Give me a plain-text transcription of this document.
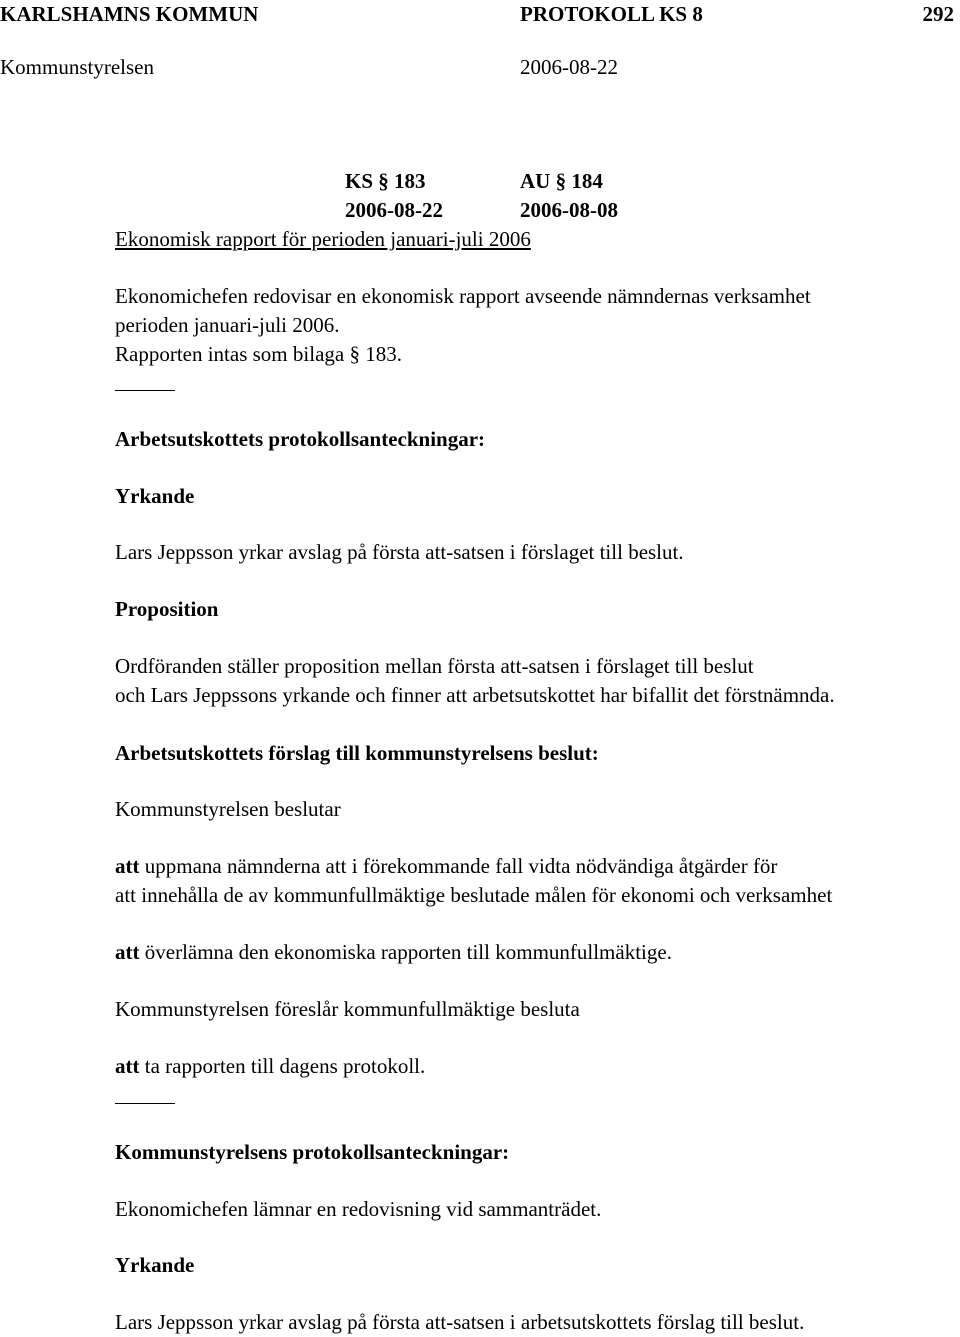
KARLSHAMNS KOMMUN	PROTOKOLL KS 8	292
Kommunstyrelsen	2006-08-22
KS § 183	AU § 184
2006-08-22	2006-08-08
Ekonomisk rapport för perioden januari-juli 2006
Ekonomichefen redovisar en ekonomisk rapport avseende nämndernas verksamhet
perioden januari-juli 2006.
Rapporten intas som bilaga § 183.
Arbetsutskottets protokollsanteckningar:
Yrkande
Lars Jeppsson yrkar avslag på första att-satsen i förslaget till beslut.
Proposition
Ordföranden ställer proposition mellan första att-satsen i förslaget till beslut
och Lars Jeppssons yrkande och finner att arbetsutskottet har bifallit det förstnämnda.
Arbetsutskottets förslag till kommunstyrelsens beslut:
Kommunstyrelsen beslutar
att uppmana nämnderna att i förekommande fall vidta nödvändiga åtgärder för
att innehålla de av kommunfullmäktige beslutade målen för ekonomi och verksamhet
att överlämna den ekonomiska rapporten till kommunfullmäktige.
Kommunstyrelsen föreslår kommunfullmäktige besluta
att ta rapporten till dagens protokoll.
Kommunstyrelsens protokollsanteckningar:
Ekonomichefen lämnar en redovisning vid sammanträdet.
Yrkande
Lars Jeppsson yrkar avslag på första att-satsen i arbetsutskottets förslag till beslut.
